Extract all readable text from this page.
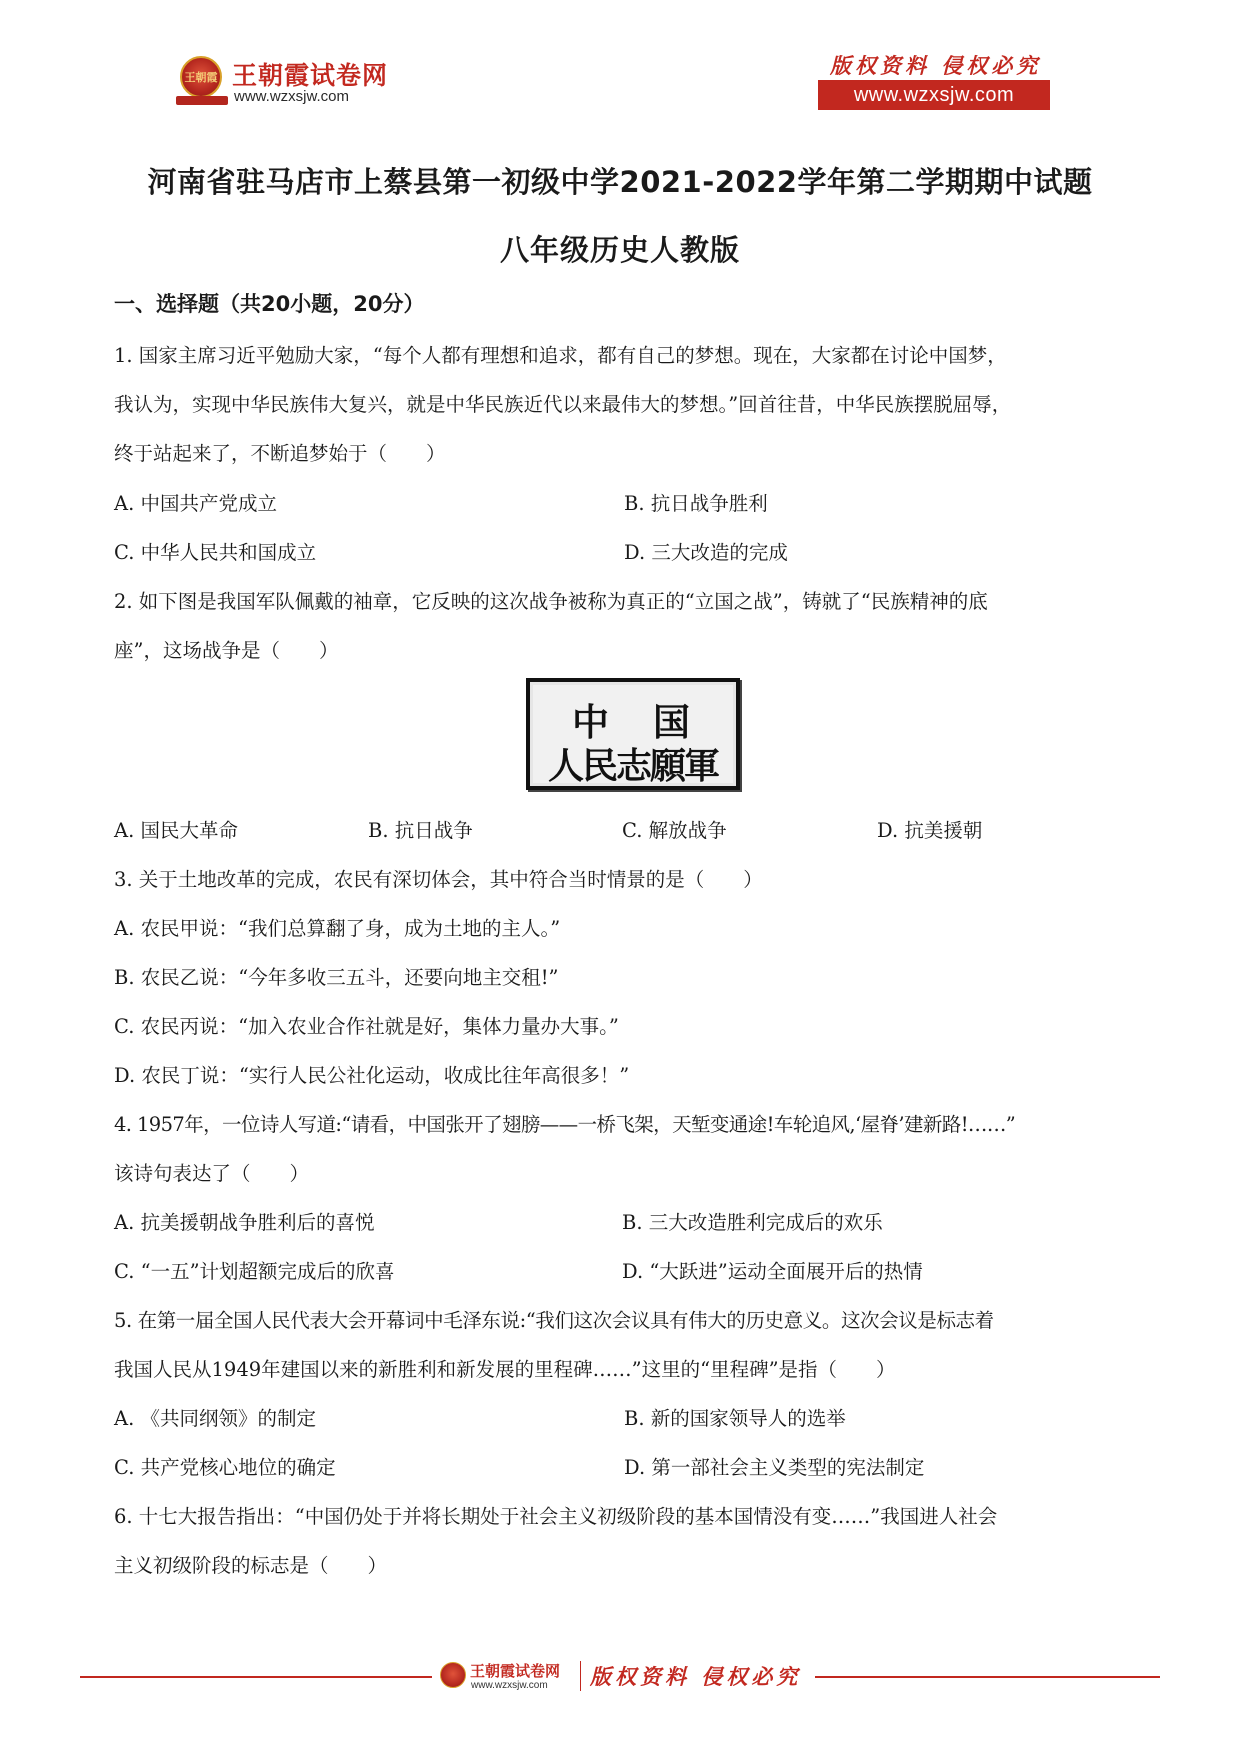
王朝霞 王朝霞试卷网
www.wzxsjw.com
版权资料 侵权必究
www.wzxsjw.com
河南省驻马店市上蔡县第一初级中学2021-2022学年第二学期期中试题
八年级历史人教版
一、选择题（共20小题，20分）
1. 国家主席习近平勉励大家，“每个人都有理想和追求，都有自己的梦想。现在，大家都在讨论中国梦，
我认为，实现中华民族伟大复兴，就是中华民族近代以来最伟大的梦想。”回首往昔，中华民族摆脱屈辱，
终于站起来了，不断追梦始于（　　）
A. 中国共产党成立	B. 抗日战争胜利
C. 中华人民共和国成立	D. 三大改造的完成
2. 如下图是我国军队佩戴的袖章，它反映的这次战争被称为真正的“立国之战”，铸就了“民族精神的底
座”，这场战争是（　　）
中国
人民志願軍
A. 国民大革命	B. 抗日战争	C. 解放战争	D. 抗美援朝
3. 关于土地改革的完成，农民有深切体会，其中符合当时情景的是（　　）
A. 农民甲说：“我们总算翻了身，成为土地的主人。”
B. 农民乙说：“今年多收三五斗，还要向地主交租!”
C. 农民丙说：“加入农业合作社就是好，集体力量办大事。”
D. 农民丁说：“实行人民公社化运动，收成比往年高很多！”
4. 1957年，一位诗人写道:“请看，中国张开了翅膀——一桥飞架，天堑变通途!车轮追风,‘屋脊’建新路!……”
该诗句表达了（　　）
A. 抗美援朝战争胜利后的喜悦	B. 三大改造胜利完成后的欢乐
C. “一五”计划超额完成后的欣喜	D. “大跃进”运动全面展开后的热情
5. 在第一届全国人民代表大会开幕词中毛泽东说:“我们这次会议具有伟大的历史意义。这次会议是标志着
我国人民从1949年建国以来的新胜利和新发展的里程碑……”这里的“里程碑”是指（　　）
A. 《共同纲领》的制定	B. 新的国家领导人的选举
C. 共产党核心地位的确定	D. 第一部社会主义类型的宪法制定
6. 十七大报告指出：“中国仍处于并将长期处于社会主义初级阶段的基本国情没有变……”我国进人社会
主义初级阶段的标志是（　　）
王朝霞试卷网
www.wzxsjw.com 版权资料 侵权必究
